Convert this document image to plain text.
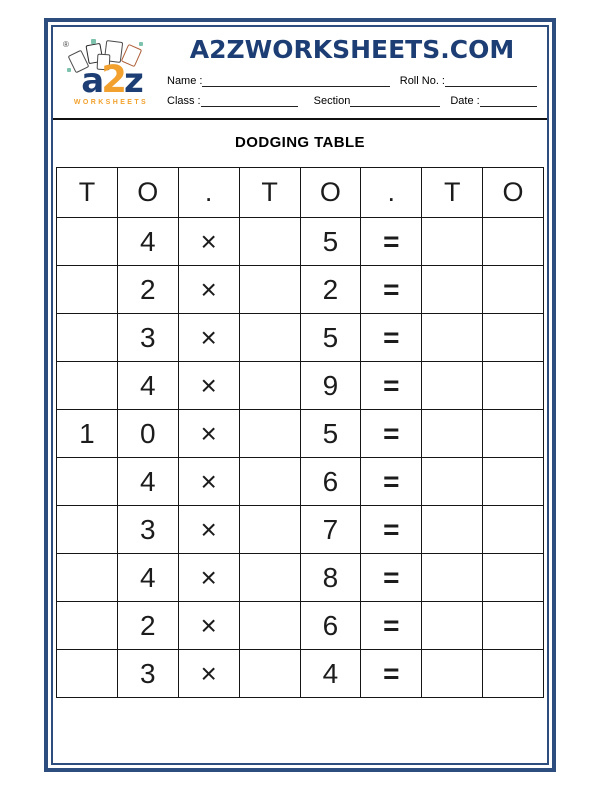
®
a2z
WORKSHEETS
A2ZWORKSHEETS.COM
Name :	Roll No. :
Class :	Section	Date :
DODGING TABLE
T	O	.	T	O	.	T	O
	4	×		5	=		
	2	×		2	=		
	3	×		5	=		
	4	×		9	=		
1	0	×		5	=		
	4	×		6	=		
	3	×		7	=		
	4	×		8	=		
	2	×		6	=		
	3	×		4	=		
